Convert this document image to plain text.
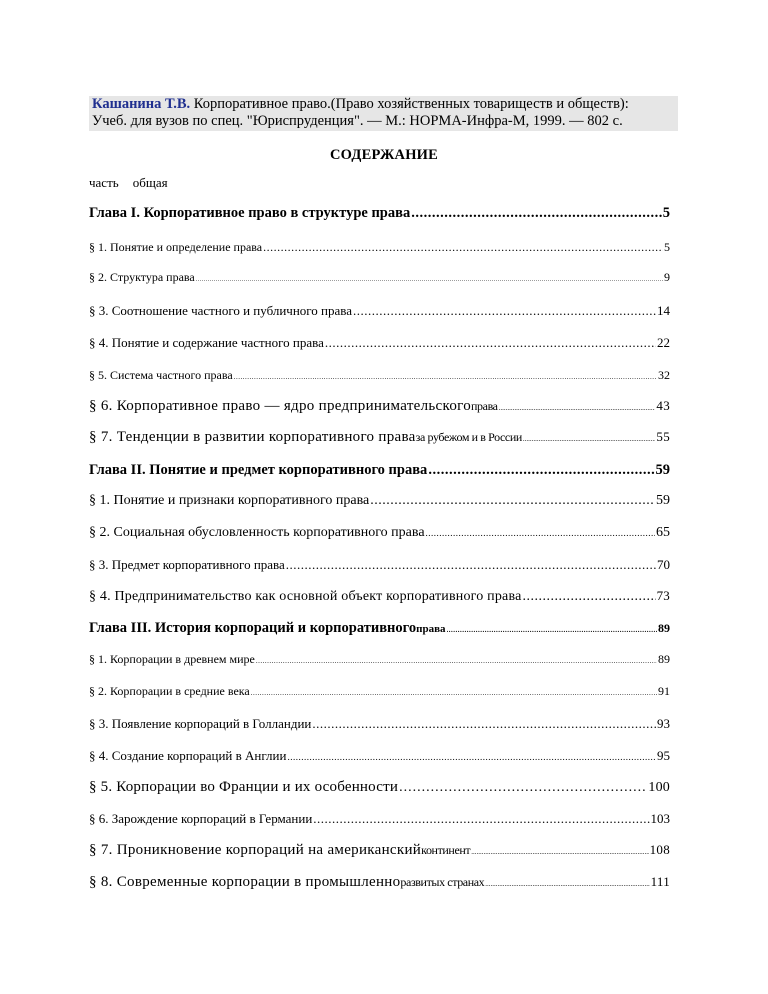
Кашанина Т.В. Корпоративное право.(Право хозяйственных товариществ и обществ):
Учеб. для вузов по спец. "Юриспруденция". — М.: НОРМА-Инфра-М, 1999. — 802 с.
СОДЕРЖАНИЕ
часть общая
Глава I. Корпоративное право в структуре права .....	5
§ 1. Понятие и определение права .....	5
§ 2. Структура права .....	9
§ 3. Соотношение частного и публичного права .....	14
§ 4. Понятие и содержание частного права .....	22
§ 5. Система частного права .....	32
§ 6. Корпоративное право — ядро предпринимательского права .....	43
§ 7. Тенденции в развитии корпоративного права за рубежом и в России .....	55
Глава II. Понятие и предмет корпоративного права .....	59
§ 1. Понятие и признаки корпоративного права .....	59
§ 2. Социальная обусловленность корпоративного права .....	65
§ 3. Предмет корпоративного права .....	70
§ 4. Предпринимательство как основной объект корпоративного права .....	73
Глава III. История корпораций и корпоративного права .....	89
§ 1. Корпорации в древнем мире .....	89
§ 2. Корпорации в средние века .....	91
§ 3. Появление корпораций в Голландии .....	93
§ 4. Создание корпораций в Англии .....	95
§ 5. Корпорации во Франции и их особенности .....	100
§ 6. Зарождение корпораций в Германии .....	103
§ 7. Проникновение корпораций на американский континент .....	108
§ 8. Современные корпорации в промышленно развитых странах .....	111
